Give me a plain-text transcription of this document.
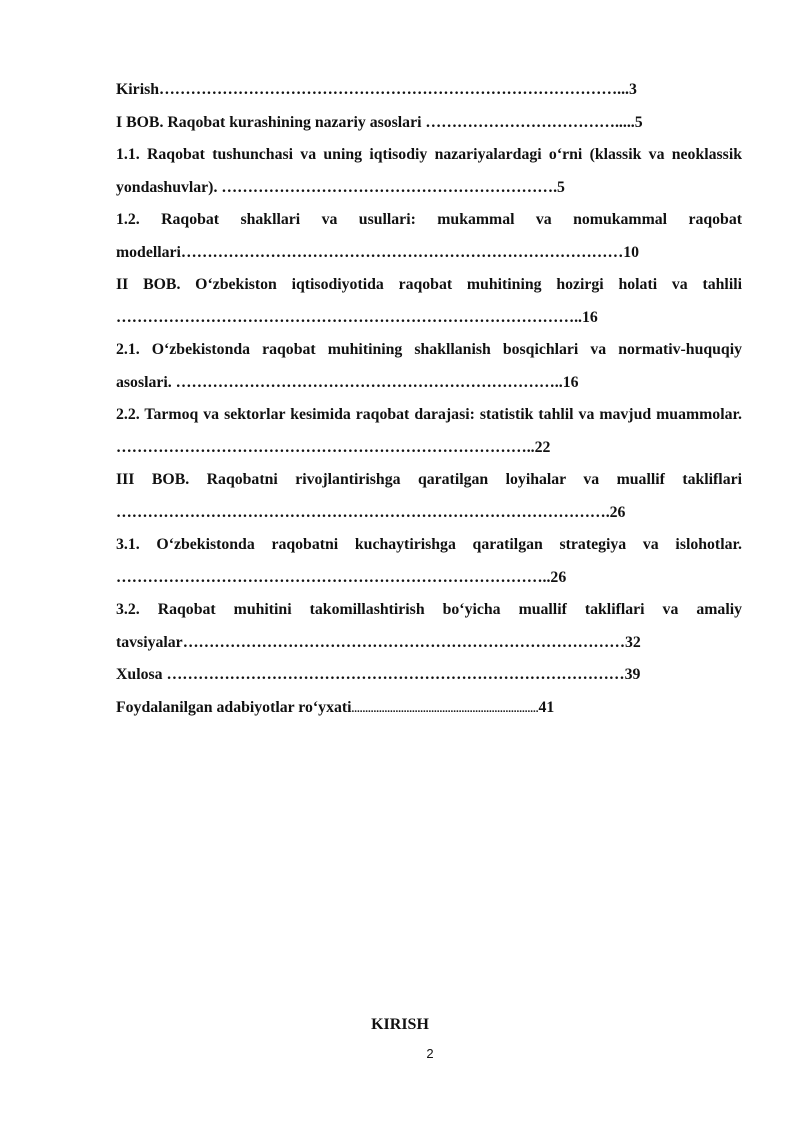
Kirish……………………………………………………………………………...3
I BOB. Raqobat kurashining nazariy asoslari ……………………………….....5
1.1. Raqobat tushunchasi va uning iqtisodiy nazariyalardagi o‘rni (klassik va neoklassik yondashuvlar). ……………………………………………………….5
1.2. Raqobat shakllari va usullari: mukammal va nomukammal raqobat modellari…………………………………………………………………………10
II BOB. O‘zbekiston iqtisodiyotida raqobat muhitining hozirgi holati va tahlili ……………………………………………………………………………..16
2.1. O‘zbekistonda raqobat muhitining shakllanish bosqichlari va normativ-huquqiy asoslari. ………………………………………………………………..16
2.2. Tarmoq va sektorlar kesimida raqobat darajasi: statistik tahlil va mavjud muammolar. ……………………………………………………………………..22
III BOB. Raqobatni rivojlantirishga qaratilgan loyihalar va muallif takliflari ………………………………………………………………………………….26
3.1. O‘zbekistonda raqobatni kuchaytirishga qaratilgan strategiya va islohotlar. ………………………………………………………………………..26
3.2. Raqobat muhitini takomillashtirish bo‘yicha muallif takliflari va amaliy tavsiyalar…………………………………………………………………………32
Xulosa ……………………………………………………………………………39
Foydalanilgan adabiyotlar ro‘yxati....................................................................41
KIRISH
2
